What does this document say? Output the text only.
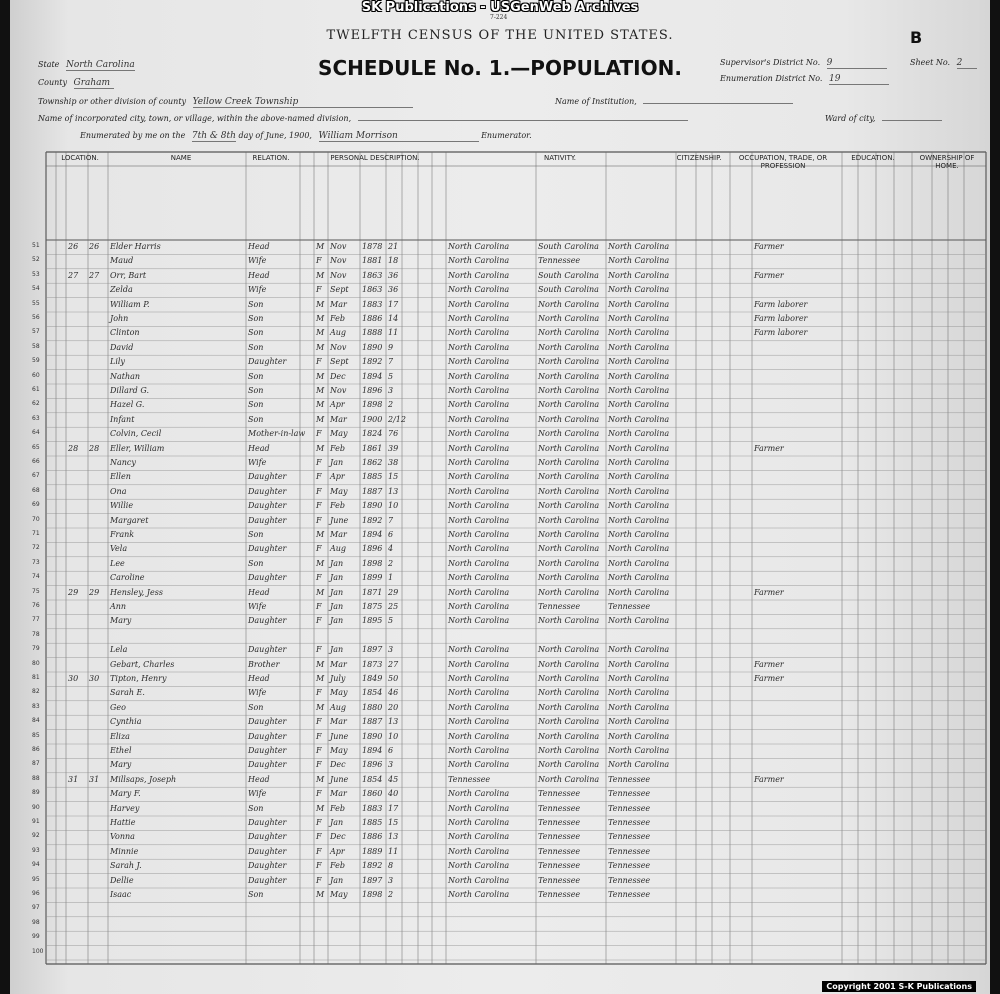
SK Publications - USGenWeb Archives
7-224
TWELFTH CENSUS OF THE UNITED STATES.
SCHEDULE No. 1.—POPULATION.
B
State North Carolina
County Graham
Township or other division of county Yellow Creek Township	Name of Institution,
Name of incorporated city, town, or village, within the above-named division,	Ward of city,
Enumerated by me on the 7th & 8th day of June, 1900, William Morrison	Enumerator.
Supervisor's District No. 9
Enumeration District No. 19
Sheet No. 2
LOCATION.	NAME	RELATION.	PERSONAL DESCRIPTION.	NATIVITY.	CITIZENSHIP.	OCCUPATION, TRADE, OR PROFESSION
EDUCATION.	OWNERSHIP OF HOME.
51	26	26	Elder Harris	Head	M Nov	1878 21	North Carolina	South Carolina	North Carolina	Farmer
52	Maud	Wife	F	Nov	1881 18	North Carolina	Tennessee	North Carolina
53	27	27	Orr, Bart	Head	M Nov	1863 36	North Carolina	South Carolina	North Carolina	Farmer
54	Zelda	Wife	F	Sept	1863 36	North Carolina	South Carolina	North Carolina
55	William P.	Son	M Mar	1883 17	North Carolina	North Carolina	North Carolina	Farm laborer
56	John	Son	M Feb	1886 14	North Carolina	North Carolina	North Carolina	Farm laborer
57	Clinton	Son	M Aug	1888 11	North Carolina	North Carolina	North Carolina	Farm laborer
58	David	Son	M Nov	1890 9	North Carolina	North Carolina	North Carolina
59	Lily	Daughter	F	Sept	1892 7	North Carolina	North Carolina	North Carolina
60	Nathan	Son	M Dec	1894 5	North Carolina	North Carolina	North Carolina
61	Dillard G.	Son	M Nov	1896 3	North Carolina	North Carolina	North Carolina
62	Hazel G.	Son	M Apr	1898 2	North Carolina	North Carolina	North Carolina
63	Infant	Son	M Mar	1900 2/12	North Carolina	North Carolina	North Carolina
64	Colvin, Cecil	Mother-in-law F	May	1824 76	North Carolina	North Carolina	North Carolina
65	28	28	Eller, William	Head	M Feb	1861 39	North Carolina	North Carolina	North Carolina	Farmer
66	Nancy	Wife	F	Jan	1862 38	North Carolina	North Carolina	North Carolina
67	Ellen	Daughter	F	Apr	1885 15	North Carolina	North Carolina	North Carolina
68	Ona	Daughter	F	May	1887 13	North Carolina	North Carolina	North Carolina
69	Willie	Daughter	F	Feb	1890 10	North Carolina	North Carolina	North Carolina
70	Margaret	Daughter	F	June	1892 7	North Carolina	North Carolina	North Carolina
71	Frank	Son	M Mar	1894 6	North Carolina	North Carolina	North Carolina
72	Vela	Daughter	F	Aug	1896 4	North Carolina	North Carolina	North Carolina
73	Lee	Son	M Jan	1898 2	North Carolina	North Carolina	North Carolina
74	Caroline	Daughter	F	Jan	1899 1	North Carolina	North Carolina	North Carolina
75	29	29	Hensley, Jess	Head	M Jan	1871 29	North Carolina	North Carolina	North Carolina	Farmer
76	Ann	Wife	F	Jan	1875 25	North Carolina	Tennessee	Tennessee
77	Mary	Daughter	F	Jan	1895 5	North Carolina	North Carolina	North Carolina
78
79	Lela	Daughter	F	Jan	1897 3	North Carolina	North Carolina	North Carolina
80	Gebart, Charles	Brother	M Mar	1873 27	North Carolina	North Carolina	North Carolina	Farmer
81	30	30	Tipton, Henry	Head	M July	1849 50	North Carolina	North Carolina	North Carolina	Farmer
82	Sarah E.	Wife	F	May	1854 46	North Carolina	North Carolina	North Carolina
83	Geo	Son	M Aug	1880 20	North Carolina	North Carolina	North Carolina
84	Cynthia	Daughter	F	Mar	1887 13	North Carolina	North Carolina	North Carolina
85	Eliza	Daughter	F	June	1890 10	North Carolina	North Carolina	North Carolina
86	Ethel	Daughter	F	May	1894 6	North Carolina	North Carolina	North Carolina
87	Mary	Daughter	F	Dec	1896 3	North Carolina	North Carolina	North Carolina
88	31	31	Millsaps, Joseph	Head	M June	1854 45	Tennessee	North Carolina	Tennessee	Farmer
89	Mary F.	Wife	F	Mar	1860 40	North Carolina	Tennessee	Tennessee
90	Harvey	Son	M Feb	1883 17	North Carolina	Tennessee	Tennessee
91	Hattie	Daughter	F	Jan	1885 15	North Carolina	Tennessee	Tennessee
92	Vonna	Daughter	F	Dec	1886 13	North Carolina	Tennessee	Tennessee
93	Minnie	Daughter	F	Apr	1889 11	North Carolina	Tennessee	Tennessee
94	Sarah J.	Daughter	F	Feb	1892 8	North Carolina	Tennessee	Tennessee
95	Dellie	Daughter	F	Jan	1897 3	North Carolina	Tennessee	Tennessee
96	Isaac	Son	M May	1898 2	North Carolina	Tennessee	Tennessee
97
98
99
100
Copyright 2001 S-K Publications
